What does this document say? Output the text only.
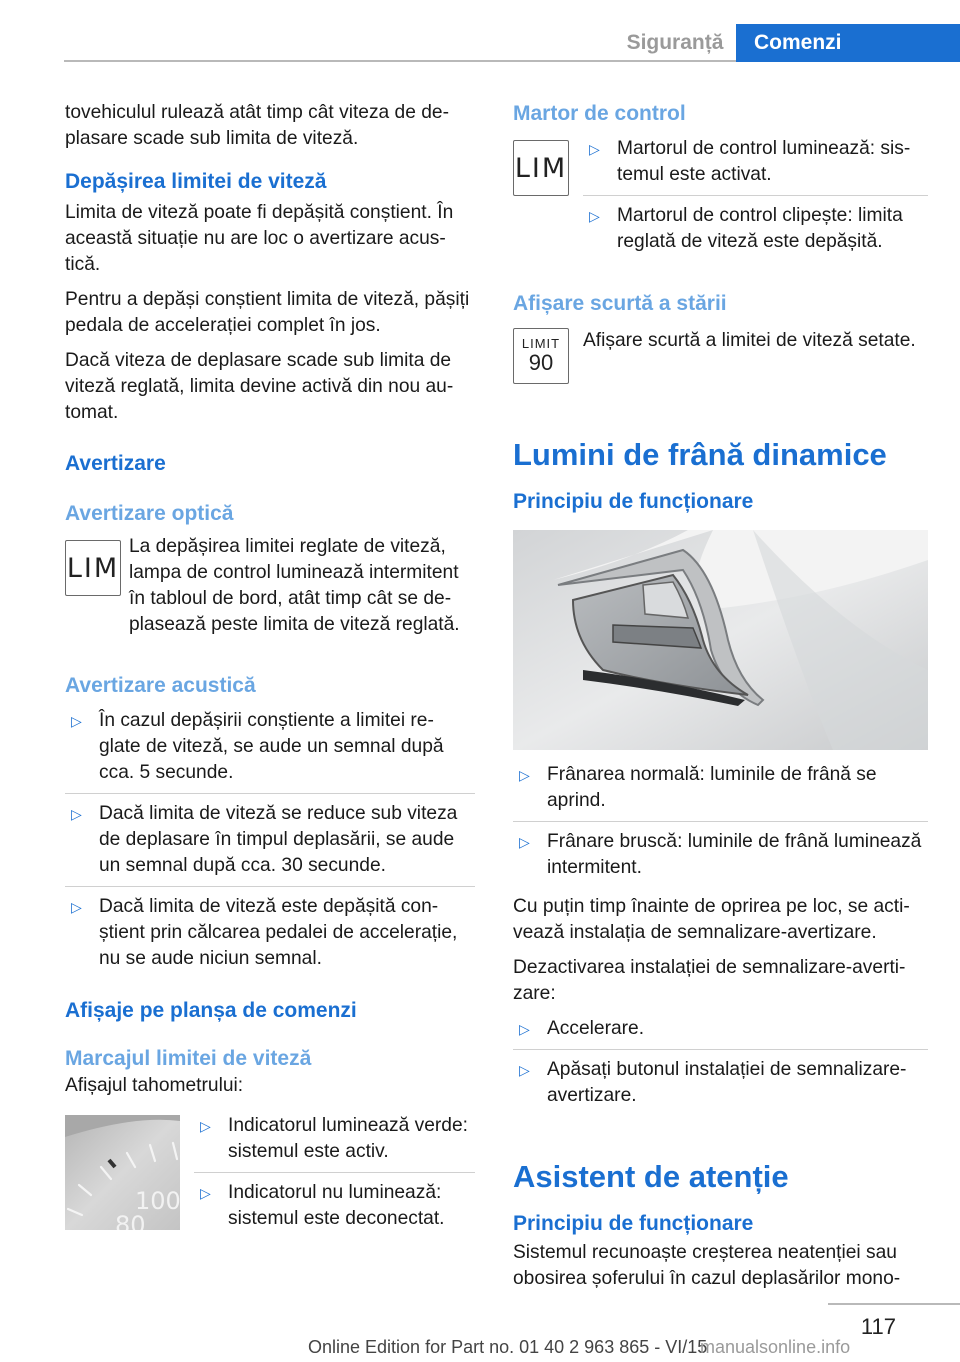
Siguranță	Comenzi

tovehiculul rulează atât timp cât viteza de de-plasare scade sub limita de viteză.

Depășirea limitei de viteză

Limita de viteză poate fi depășită conștient. În această situație nu are loc o avertizare acus-tică.

Pentru a depăși conștient limita de viteză, pășiți pedala de accelerației complet în jos.

Dacă viteza de deplasare scade sub limita de viteză reglată, limita devine activă din nou au-tomat.

Avertizare
Avertizare optică
LIM

La depășirea limitei reglate de viteză, lampa de control luminează intermitent în tabloul de bord, atât timp cât se de-plasează peste limita de viteză reglată.

Avertizare acustică
▷ În cazul depășirii conștiente a limitei re-glate de viteză, se aude un semnal după cca. 5 secunde.
▷ Dacă limita de viteză se reduce sub viteza de deplasare în timpul deplasării, se aude un semnal după cca. 30 secunde.
▷ Dacă limita de viteză este depășită con-știent prin călcarea pedalei de accelerație, nu se aude niciun semnal.
Afișaje pe planșa de comenzi
Marcajul limitei de viteză

Afișajul tahometrului:

100
80
▷ Indicatorul luminează verde: sistemul este activ.
▷ Indicatorul nu luminează: sistemul este deconectat.
Martor de control
LIM
▷ Martorul de control luminează: sis-temul este activat.
▷ Martorul de control clipește: limita reglată de viteză este depășită.
Afișare scurtă a stării
LIMIT
90

Afișare scurtă a limitei de viteză setate.

Lumini de frână dinamice
Principiu de funcționare
▷ Frânarea normală: luminile de frână se aprind.
▷ Frânare bruscă: luminile de frână luminează intermitent.

Cu puțin timp înainte de oprirea pe loc, se acti-vează instalația de semnalizare-avertizare.

Dezactivarea instalației de semnalizare-averti-zare:

▷ Accelerare.
▷ Apăsați butonul instalației de semnalizare-avertizare.
Asistent de atenție
Principiu de funcționare

Sistemul recunoaște creșterea neatenției sau obosirea șoferului în cazul deplasărilor mono-

117
Online Edition for Part no. 01 40 2 963 865 - VI/15
manualsonline.info
